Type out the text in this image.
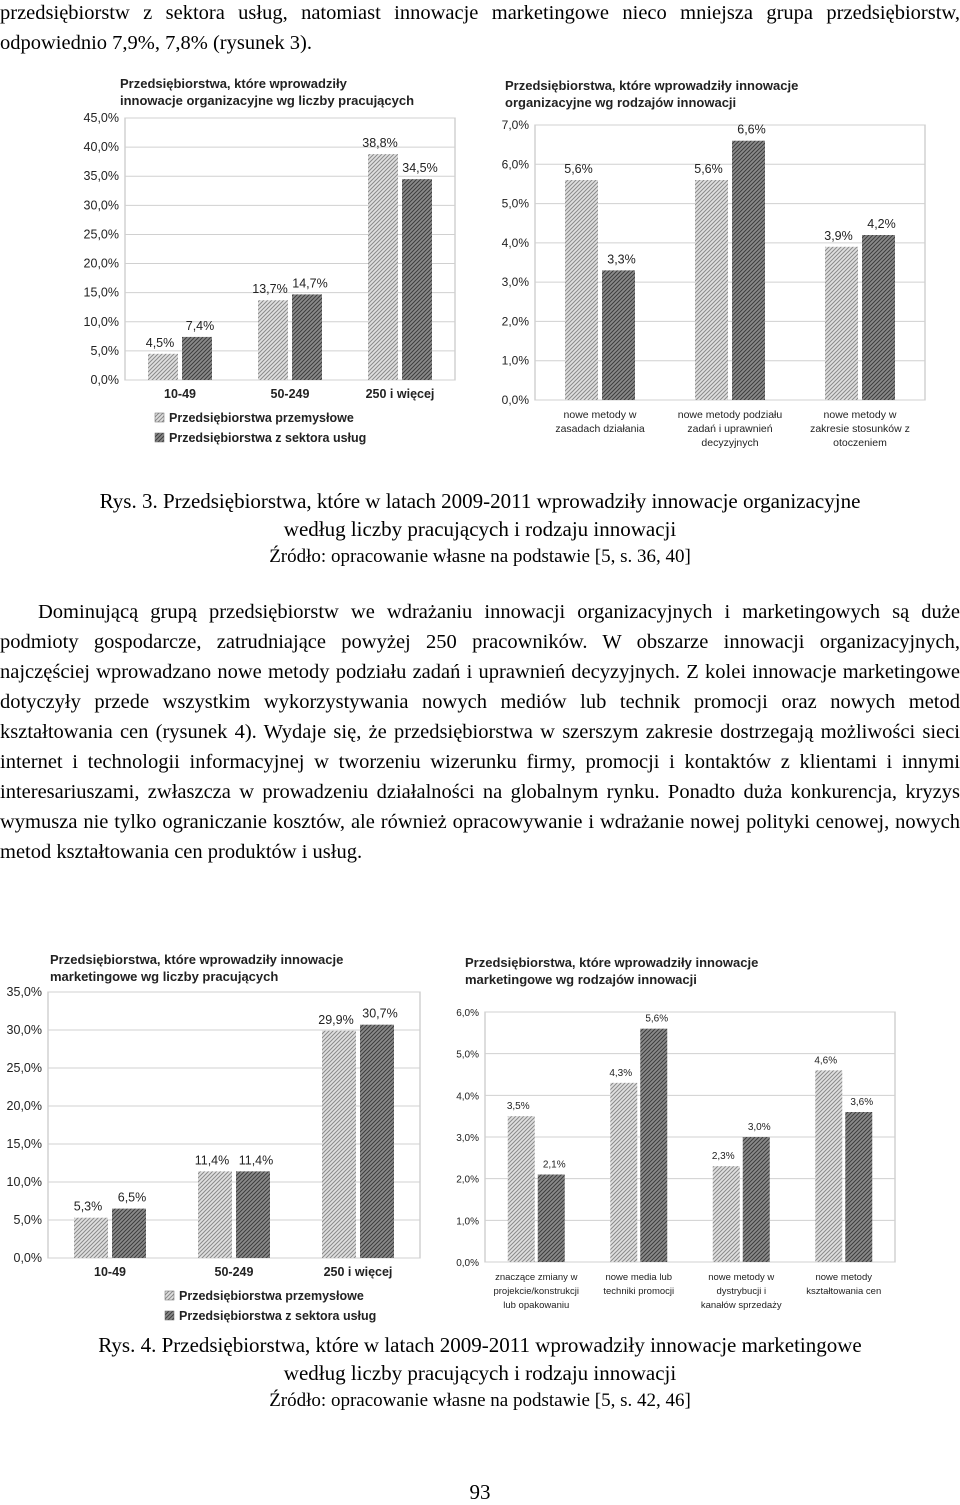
przedsiębiorstw z sektora usług, natomiast innowacje marketingowe nieco mniejsza grupa przedsiębiorstw, odpowiednio 7,9%, 7,8% (rysunek 3).
Przedsiębiorstwa, które wprowadziły
innowacje organizacyjne wg liczby pracujących
0,0%
5,0%
10,0%
15,0%
20,0%
25,0%
30,0%
35,0%
40,0%
45,0%
4,5%
7,4%
10-49
13,7% 14,7%
50-249
38,8%
34,5%
250 i więcej
Przedsiębiorstwa przemysłowe
Przedsiębiorstwa z sektora usług
Przedsiębiorstwa, które wprowadziły innowacje
organizacyjne wg rodzajów innowacji
0,0%
1,0%
2,0%
3,0%
4,0%
5,0%
6,0%
7,0%
5,6%
3,3%
nowe metody w
zasadach działania
5,6%
6,6%
nowe metody podziału
zadań i uprawnień
decyzyjnych
3,9%
4,2%
nowe metody w
zakresie stosunków z
otoczeniem
Rys. 3. Przedsiębiorstwa, które w latach 2009-2011 wprowadziły innowacje organizacyjne
według liczby pracujących i rodzaju innowacji
Źródło: opracowanie własne na podstawie [5, s. 36, 40]
Dominującą grupą przedsiębiorstw we wdrażaniu innowacji organizacyjnych i marketingowych są duże podmioty gospodarcze, zatrudniające powyżej 250 pracowników. W obszarze innowacji organizacyjnych, najczęściej wprowadzano nowe metody podziału zadań i uprawnień decyzyjnych. Z kolei innowacje marketingowe dotyczyły przede wszystkim wykorzystywania nowych mediów lub technik promocji oraz nowych metod kształtowania cen (rysunek 4). Wydaje się, że przedsiębiorstwa w szerszym zakresie dostrzegają możliwości sieci internet i technologii informacyjnej w tworzeniu wizerunku firmy, promocji i kontaktów z klientami i innymi interesariuszami, zwłaszcza w prowadzeniu działalności na globalnym rynku. Ponadto duża konkurencja, kryzys wymusza nie tylko ograniczanie kosztów, ale również opracowywanie i wdrażanie nowej polityki cenowej, nowych metod kształtowania cen produktów i usług.
Przedsiębiorstwa, które wprowadziły innowacje
marketingowe wg liczby pracujących
0,0%
5,0%
10,0%
15,0%
20,0%
25,0%
30,0%
35,0%
5,3%
6,5%
10-49
11,4% 11,4%
50-249
29,9% 30,7%
250 i więcej
Przedsiębiorstwa przemysłowe
Przedsiębiorstwa z sektora usług
Przedsiębiorstwa, które wprowadziły innowacje
marketingowe wg rodzajów innowacji
0,0%
1,0%
2,0%
3,0%
4,0%
5,0%
6,0%
3,5%
2,1%
znaczące zmiany w
projekcie/konstrukcji
lub opakowaniu
4,3%
5,6%
nowe media lub
techniki promocji
2,3%
3,0%
nowe metody w
dystrybucji i
kanałów sprzedaży
4,6%
3,6%
nowe metody
kształtowania cen
Rys. 4. Przedsiębiorstwa, które w latach 2009-2011 wprowadziły innowacje marketingowe
według liczby pracujących i rodzaju innowacji
Źródło: opracowanie własne na podstawie [5, s. 42, 46]
93
